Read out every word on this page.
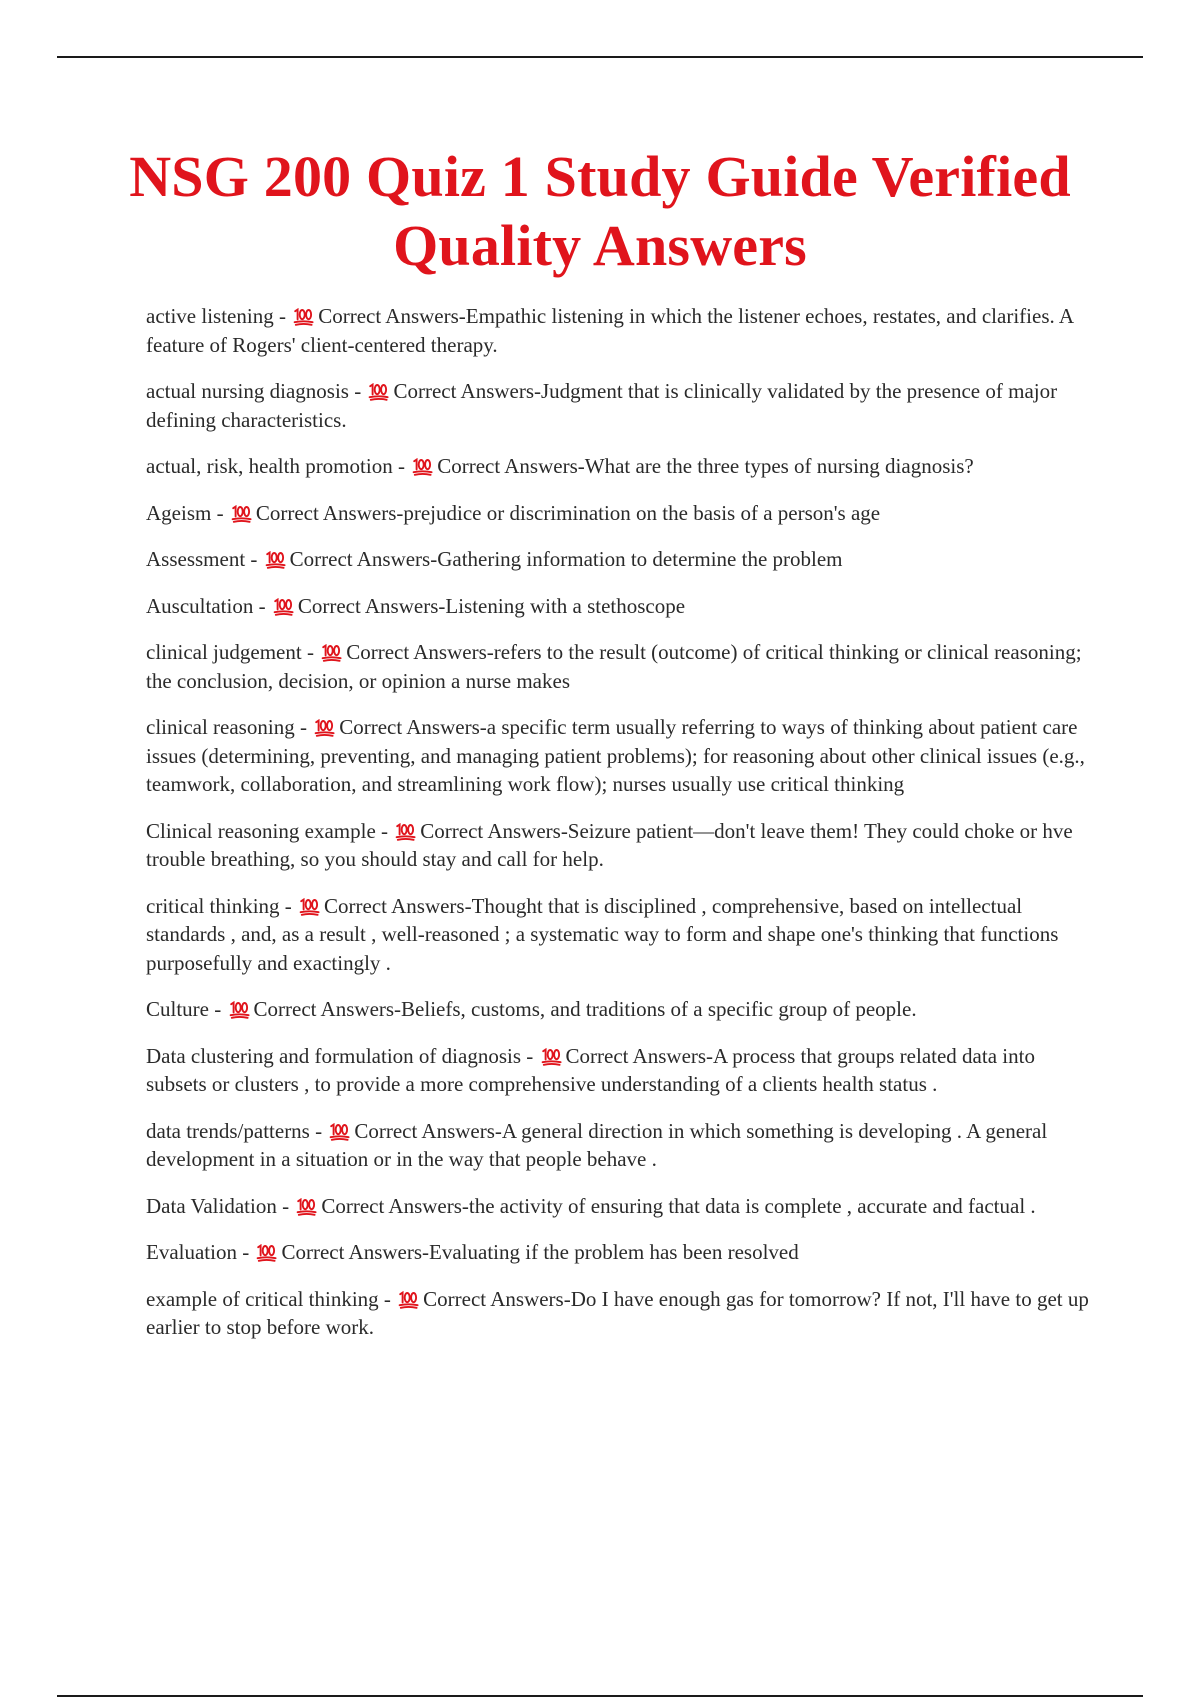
NSG 200 Quiz 1 Study Guide Verified Quality Answers

active listening -
Correct Answers-Empathic listening in which the listener echoes, restates, and clarifies. A feature of Rogers' client-centered therapy.

actual nursing diagnosis -
Correct Answers-Judgment that is clinically validated by the presence of major defining characteristics.

actual, risk, health promotion -
Correct Answers-What are the three types of nursing diagnosis?

Ageism -
Correct Answers-prejudice or discrimination on the basis of a person's age

Assessment -
Correct Answers-Gathering information to determine the problem

Auscultation -
Correct Answers-Listening with a stethoscope

clinical judgement -
Correct Answers-refers to the result (outcome) of critical thinking or clinical reasoning; the conclusion, decision, or opinion a nurse makes

clinical reasoning -
Correct Answers-a specific term usually referring to ways of thinking about patient care issues (determining, preventing, and managing patient problems); for reasoning about other clinical issues (e.g., teamwork, collaboration, and streamlining work flow); nurses usually use critical thinking

Clinical reasoning example -
Correct Answers-Seizure patient—don't leave them! They could choke or hve trouble breathing, so you should stay and call for help.

critical thinking -
Correct Answers-Thought that is disciplined , comprehensive, based on intellectual standards , and, as a result , well-reasoned ; a systematic way to form and shape one's thinking that functions purposefully and exactingly .

Culture -
Correct Answers-Beliefs, customs, and traditions of a specific group of people.

Data clustering and formulation of diagnosis -
Correct Answers-A process that groups related data into subsets or clusters , to provide a more comprehensive understanding of a clients health status .

data trends/patterns -
Correct Answers-A general direction in which something is developing . A general development in a situation or in the way that people behave .

Data Validation -
Correct Answers-the activity of ensuring that data is complete , accurate and factual .

Evaluation -
Correct Answers-Evaluating if the problem has been resolved

example of critical thinking -
Correct Answers-Do I have enough gas for tomorrow? If not, I'll have to get up earlier to stop before work.
